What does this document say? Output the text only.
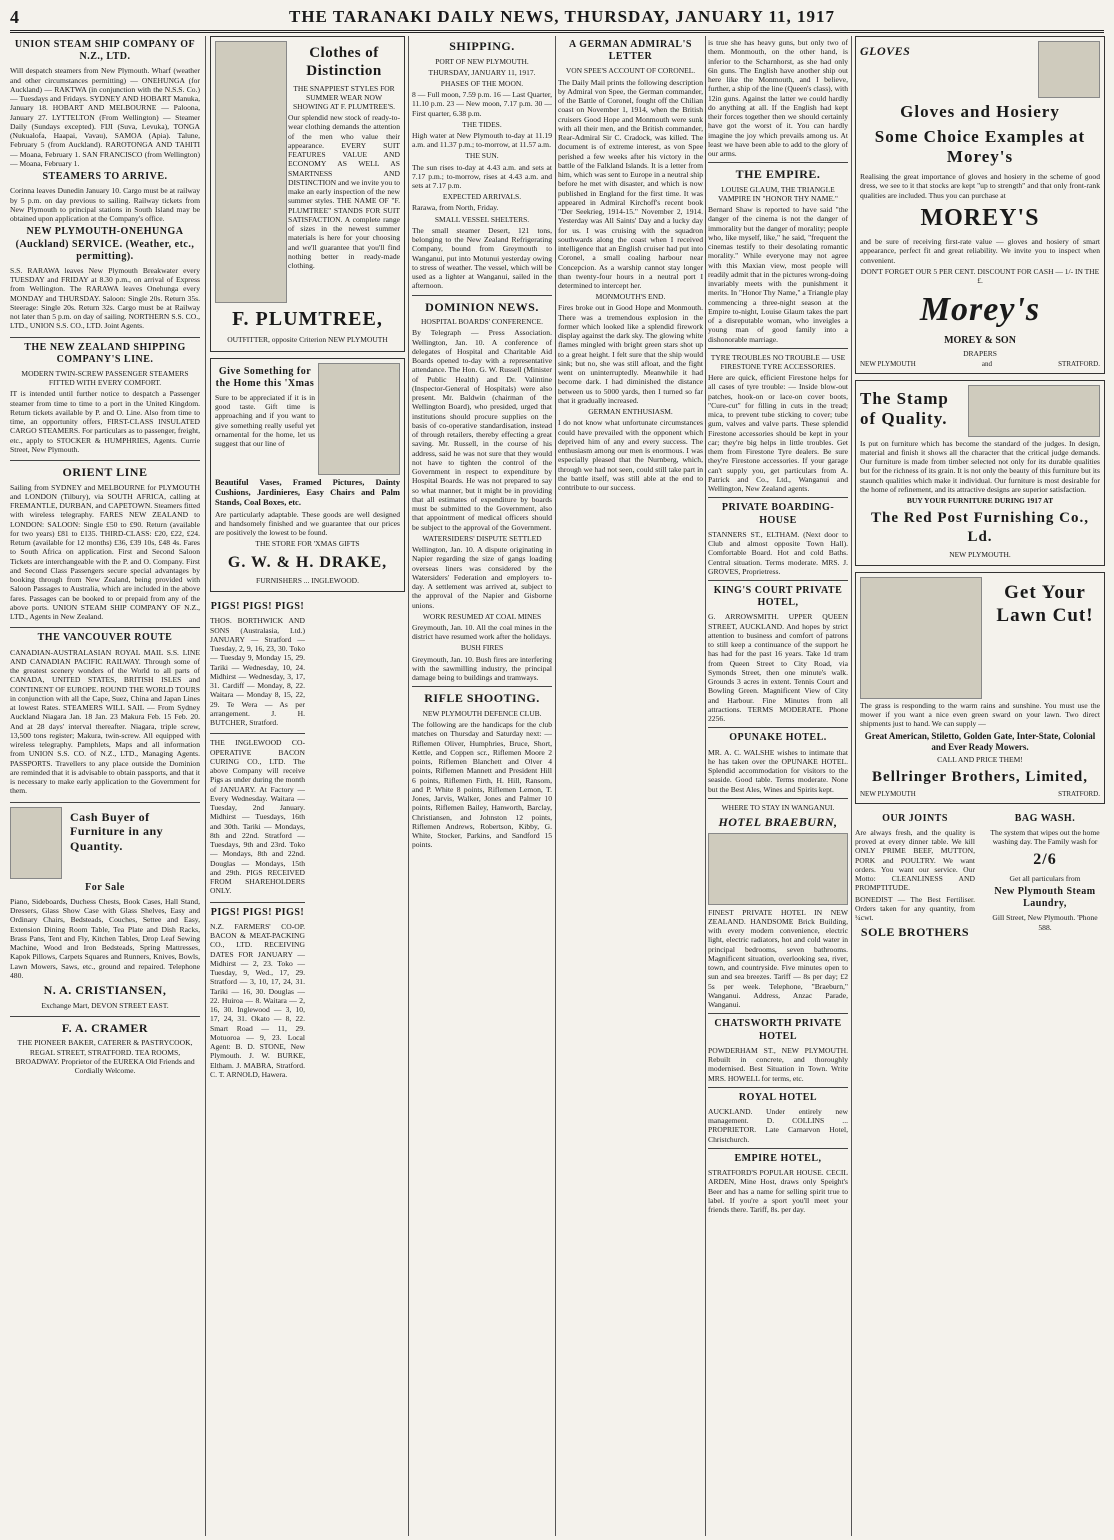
4	THE TARANAKI DAILY NEWS, THURSDAY, JANUARY 11, 1917
UNION STEAM SHIP COMPANY OF N.Z., LTD.

Will despatch steamers from New Plymouth. Wharf (weather and other circumstances permitting) — ONEHUNGA (for Auckland) — RAKTWA (in conjunction with the N.S.S. Co.) — Tuesdays and Fridays. SYDNEY AND HOBART Manuka, January 18. HOBART AND MELBOURNE — Paloona, January 27. LYTTELTON (From Wellington) — Steamer Daily (Sundays excepted). FIJI (Suva, Levuka), TONGA (Nukualofa, Haapai, Vavau), SAMOA (Apia). Talune, February 5 (from Auckland). RAROTONGA AND TAHITI — Moana, February 1. SAN FRANCISCO (from Wellington) — Moana, February 1.

STEAMERS TO ARRIVE.

Corinna leaves Dunedin January 10. Cargo must be at railway by 5 p.m. on day previous to sailing. Railway tickets from New Plymouth to principal stations in South Island may be obtained upon application at the Company's office.

NEW PLYMOUTH-ONEHUNGA (Auckland) SERVICE. (Weather, etc., permitting).

S.S. RARAWA leaves New Plymouth Breakwater every TUESDAY and FRIDAY at 8.30 p.m., on arrival of Express from Wellington. The RARAWA leaves Onehunga every MONDAY and THURSDAY. Saloon: Single 20s. Return 35s. Steerage: Single 20s. Return 32s. Cargo must be at Railway not later than 5 p.m. on day of sailing. NORTHERN S.S. CO., LTD., UNION S.S. CO., LTD. Joint Agents.

THE NEW ZEALAND SHIPPING COMPANY'S LINE.
MODERN TWIN-SCREW PASSENGER STEAMERS FITTED WITH EVERY COMFORT.

IT is intended until further notice to despatch a Passenger steamer from time to time to a port in the United Kingdom. Return tickets available by P. and O. Line. Also from time to time, an opportunity offers, FIRST-CLASS INSULATED CARGO STEAMERS. For particulars as to passenger, freight, etc., apply to STOCKER & HUMPHRIES, Agents. Currie Street, New Plymouth.

ORIENT LINE

Sailing from SYDNEY and MELBOURNE for PLYMOUTH and LONDON (Tilbury), via SOUTH AFRICA, calling at FREMANTLE, DURBAN, and CAPETOWN. Steamers fitted with wireless telegraphy. FARES NEW ZEALAND to LONDON: SALOON: Single £50 to £90. Return (available for two years) £81 to £135. THIRD-CLASS: £20, £22, £24. Return (available for 12 months) £36, £39 10s, £48 4s. Fares to South Africa on application. First and Second Saloon Tickets are interchangeable with the P. and O. Company. First and Second Class Passengers secure special advantages by booking through from New Zealand, being provided with Saloon Passages to Australia, which are included in the above fares. Passages can be booked to or prepaid from any of the above ports. UNION STEAM SHIP COMPANY OF N.Z., LTD., Agents in New Zealand.

THE VANCOUVER ROUTE

CANADIAN-AUSTRALASIAN ROYAL MAIL S.S. LINE AND CANADIAN PACIFIC RAILWAY. Through some of the greatest scenery wonders of the World to all parts of CANADA, UNITED STATES, BRITISH ISLES and CONTINENT OF EUROPE. ROUND THE WORLD TOURS in conjunction with all the Cape, Suez, China and Japan Lines at lowest Rates. STEAMERS WILL SAIL — From Sydney Auckland Niagara Jan. 18 Jan. 23 Makura Feb. 15 Feb. 20. And at 28 days' interval thereafter. Niagara, triple screw, 13,500 tons register; Makura, twin-screw. All equipped with wireless telegraphy. Pamphlets, Maps and all information from UNION S.S. CO. of N.Z., LTD., Managing Agents. PASSPORTS. Travellers to any place outside the Dominion are reminded that it is advisable to obtain passports, and that it is necessary to make early application to the Government for them.

Cash Buyer of Furniture in any Quantity.
For Sale

Piano, Sideboards, Duchess Chests, Book Cases, Hall Stand, Dressers, Glass Show Case with Glass Shelves, Easy and Ordinary Chairs, Bedsteads, Couches, Settee and Easy, Extension Dining Room Table, Tea Plate and Dish Racks, Brass Pans, Tent and Fly, Kitchen Tables, Drop Leaf Sewing Machine, Wood and Iron Bedsteads, Spring Mattresses, Kapok Pillows, Carpets Squares and Runners, Knives, Bowls, Lawn Mowers, Saws, etc., ground and repaired. Telephone 480.

N. A. CRISTIANSEN,
Exchange Mart, DEVON STREET EAST.
F. A. CRAMER

THE PIONEER BAKER, CATERER & PASTRYCOOK, REGAL STREET, STRATFORD. TEA ROOMS, BROADWAY. Proprietor of the EUREKA Old Friends and Cordially Welcome.

Clothes of Distinction
THE SNAPPIEST STYLES FOR SUMMER WEAR NOW SHOWING AT F. PLUMTREE'S.

Our splendid new stock of ready-to-wear clothing demands the attention of the men who value their appearance. EVERY SUIT FEATURES VALUE AND ECONOMY AS WELL AS SMARTNESS AND DISTINCTION and we invite you to make an early inspection of the new summer styles. THE NAME OF "F. PLUMTREE" STANDS FOR SUIT SATISFACTION. A complete range of sizes in the newest summer materials is here for your choosing and we'll guarantee that you'll find nothing better in ready-made clothing.

F. PLUMTREE,
OUTFITTER, opposite Criterion NEW PLYMOUTH
Give Something for the Home this 'Xmas

Sure to be appreciated if it is in good taste. Gift time is approaching and if you want to give something really useful yet ornamental for the home, let us suggest that our line of

Beautiful Vases, Framed Pictures, Dainty Cushions, Jardinieres, Easy Chairs and Palm Stands, Coal Boxes, etc.

Are particularly adaptable. These goods are well designed and handsomely finished and we guarantee that our prices are positively the lowest to be found.

THE STORE FOR 'XMAS GIFTS
G. W. & H. DRAKE,
FURNISHERS ... INGLEWOOD.
PIGS! PIGS! PIGS!

THOS. BORTHWICK AND SONS (Australasia, Ltd.) JANUARY — Stratford — Tuesday, 2, 9, 16, 23, 30. Toko — Tuesday 9, Monday 15, 29. Tariki — Wednesday, 10, 24. Midhirst — Wednesday, 3, 17, 31. Cardiff — Monday, 8, 22. Waitara — Monday 8, 15, 22, 29. Te Wera — As per arrangement. J. H. BUTCHER, Stratford.

THE INGLEWOOD CO-OPERATIVE BACON CURING CO., LTD. The above Company will receive Pigs as under during the month of JANUARY. At Factory — Every Wednesday. Waitara — Tuesday, 2nd January. Midhirst — Tuesdays, 16th and 30th. Tariki — Mondays, 8th and 22nd. Stratford — Tuesdays, 9th and 23rd. Toko — Mondays, 8th and 22nd. Douglas — Mondays, 15th and 29th. PIGS RECEIVED FROM SHAREHOLDERS ONLY.

PIGS! PIGS! PIGS!

N.Z. FARMERS' CO-OP. BACON & MEAT-PACKING CO., LTD. RECEIVING DATES FOR JANUARY — Midhirst — 2, 23. Toko — Tuesday, 9, Wed., 17, 29. Stratford — 3, 10, 17, 24, 31. Tariki — 16, 30. Douglas — 22. Huiroa — 8. Waitara — 2, 16, 30. Inglewood — 3, 10, 17, 24, 31. Okato — 8, 22. Smart Road — 11, 29. Motuoroa — 9, 23. Local Agent: B. D. STONE, New Plymouth. J. W. BURKE, Eltham. J. MABRA, Stratford. C. T. ARNOLD, Hawera.

SHIPPING.
PORT OF NEW PLYMOUTH.
THURSDAY, JANUARY 11, 1917.
PHASES OF THE MOON.

8 — Full moon, 7.59 p.m. 16 — Last Quarter, 11.10 p.m. 23 — New moon, 7.17 p.m. 30 — First quarter, 6.38 p.m.

THE TIDES.

High water at New Plymouth to-day at 11.19 a.m. and 11.37 p.m.; to-morrow, at 11.57 a.m.

THE SUN.

The sun rises to-day at 4.43 a.m. and sets at 7.17 p.m.; to-morrow, rises at 4.43 a.m. and sets at 7.17 p.m.

EXPECTED ARRIVALS.

Rarawa, from North, Friday.

SMALL VESSEL SHELTERS.

The small steamer Desert, 121 tons, belonging to the New Zealand Refrigerating Company, bound from Greymouth to Wanganui, put into Motunui yesterday owing to stress of weather. The vessel, which will be used as a lighter at Wanganui, sailed in the afternoon.

DOMINION NEWS.
HOSPITAL BOARDS' CONFERENCE.

By Telegraph — Press Association. Wellington, Jan. 10. A conference of delegates of Hospital and Charitable Aid Boards opened to-day with a representative attendance. The Hon. G. W. Russell (Minister of Public Health) and Dr. Valintine (Inspector-General of Hospitals) were also present. Mr. Baldwin (chairman of the Wellington Board), who presided, urged that institutions should procure supplies on the basis of co-operative standardisation, instead of through retailers, thereby effecting a great saving. Mr. Russell, in the course of his address, said he was not sure that they would not have to tighten the control of the Government in respect to expenditure by Hospital Boards. He was not prepared to say so what manner, but it might be in providing that all estimates of expenditure by boards must be submitted to the Government, also that appointment of medical officers should be subject to the approval of the Government.

WATERSIDERS' DISPUTE SETTLED

Wellington, Jan. 10. A dispute originating in Napier regarding the size of gangs loading overseas liners was considered by the Watersiders' Federation and employers to-day. A settlement was arrived at, subject to the approval of the Napier and Gisborne unions.

WORK RESUMED AT COAL MINES

Greymouth, Jan. 10. All the coal mines in the district have resumed work after the holidays.

BUSH FIRES

Greymouth, Jan. 10. Bush fires are interfering with the sawmilling industry, the principal damage being to buildings and tramways.

RIFLE SHOOTING.
NEW PLYMOUTH DEFENCE CLUB.

The following are the handicaps for the club matches on Thursday and Saturday next: — Riflemen Oliver, Humphries, Bruce, Short, Kettle, and Coppen scr., Riflemen Moore 2 points, Riflemen Blanchett and Olver 4 points, Riflemen Mannett and President Hill 6 points, Riflemen Firth, H. Hill, Ransom, and P. White 8 points, Riflemen Lemon, T. Jones, Jarvis, Walker, Jones and Palmer 10 points, Riflemen Bailey, Hanworth, Barclay, Christiansen, and Johnston 12 points, Riflemen Andrews, Robertson, Kibby, G. White, Stocker, Parkins, and Sandford 15 points.

A GERMAN ADMIRAL'S LETTER
VON SPEE'S ACCOUNT OF CORONEL.

The Daily Mail prints the following description by Admiral von Spee, the German commander, of the Battle of Coronel, fought off the Chilian coast on November 1, 1914, when the British cruisers Good Hope and Monmouth were sunk with all their men, and the British commander, Rear-Admiral Sir C. Cradock, was killed. The document is of extreme interest, as von Spee perished a few weeks after his victory in the battle of the Falkland Islands. It is a letter from him, which was sent to Europe in a neutral ship before he met with disaster, and which is now published in England for the first time. It was appeared in Admiral Kirchoff's recent book "Der Seekrieg, 1914-15." November 2, 1914. Yesterday was All Saints' Day and a lucky day for us. I was cruising with the squadron southwards along the coast when I received intelligence that an English cruiser had put into Coronel, a small coaling harbour near Concepcion. As a warship cannot stay longer than twenty-four hours in a neutral port I determined to intercept her.

MONMOUTH'S END.

Fires broke out in Good Hope and Monmouth. There was a tremendous explosion in the former which looked like a splendid firework display against the dark sky. The glowing white flames mingled with bright green stars shot up to a great height. I felt sure that the ship would sink; but no, she was still afloat, and the fight went on uninterruptedly. Meanwhile it had become dark. I had diminished the distance between us to 5000 yards, then I turned so far that it gradually increased.

GERMAN ENTHUSIASM.

I do not know what unfortunate circumstances could have prevailed with the opponent which deprived him of any and every success. The enthusiasm among our men is enormous. I was especially pleased that the Nurnberg, which, through we had not seen, could still take part in the battle itself, was still able at the end to contribute to our success.

is true she has heavy guns, but only two of them. Monmouth, on the other hand, is inferior to the Scharnhorst, as she had only 6in guns. The English have another ship out here like the Monmouth, and I believe, further, a ship of the line (Queen's class), with 12in guns. Against the latter we could hardly do anything at all. If the English had kept their forces together then we should certainly have got the worst of it. You can hardly imagine the joy which prevails among us. At least we have been able to add to the glory of our arms.

THE EMPIRE.
LOUISE GLAUM, THE TRIANGLE VAMPIRE IN "HONOR THY NAME."

Bernard Shaw is reported to have said "the danger of the cinema is not the danger of immorality but the danger of morality; people who, like myself, like," he said, "frequent the cinemas testify to their desolating romantic morality." While everyone may not agree with this Maxian view, most people will readily admit that in the pictures wrong-doing invariably meets with the punishment it merits. In "Honor Thy Name," a Triangle play commencing a three-night season at the Empire to-night, Louise Glaum takes the part of a disreputable woman, who inveigles a young man of good family into a dishonorable marriage.

TYRE TROUBLES NO TROUBLE — USE FIRESTONE TYRE ACCESSORIES.

Here are quick, efficient Firestone helps for all cases of tyre trouble: — Inside blow-out patches, hook-on or lace-on cover boots, "Cure-cut" for filling in cuts in the tread; mica, to prevent tube sticking to cover; tube gum, valves and valve parts. These splendid Firestone accessories should be kept in your car; they're big helps in little troubles. Get them from Firestone Tyre dealers. Be sure they're Firestone accessories. If your garage can't supply you, get particulars from A. Patrick and Co., Ltd., Wanganui and Wellington, New Zealand agents.

PRIVATE BOARDING-HOUSE

STANNERS ST., ELTHAM. (Next door to Club and almost opposite Town Hall). Comfortable Board. Hot and cold Baths. Central situation. Terms moderate. MRS. J. GROVES, Proprietress.

KING'S COURT PRIVATE HOTEL,

G. ARROWSMITH. UPPER QUEEN STREET, AUCKLAND. And hopes by strict attention to business and comfort of patrons to still keep a continuance of the support he has had for the past 16 years. Take 1d tram from Queen Street to City Road, via Symonds Street, then one minute's walk. Grounds 3 acres in extent. Tennis Court and Bowling Green. Magnificent View of City and Harbour. Fine Minutes from all attractions. TERMS MODERATE. Phone 2256.

OPUNAKE HOTEL.

MR. A. C. WALSHE wishes to intimate that he has taken over the OPUNAKE HOTEL. Splendid accommodation for visitors to the seaside. Good table. Terms moderate. None but the Best Ales, Wines and Spirits kept.

WHERE TO STAY IN WANGANUI.
HOTEL BRAEBURN,

FINEST PRIVATE HOTEL IN NEW ZEALAND. HANDSOME Brick Building, with every modern convenience, electric light, electric radiators, hot and cold water in principal bedrooms, seven bathrooms. Magnificent situation, overlooking sea, river, town, and countryside. Five minutes open to sun and sea breezes. Tariff — 8s per day; £2 5s per week. Telephone, "Braeburn," Wanganui. Address, Anzac Parade, Wanganui.

CHATSWORTH PRIVATE HOTEL

POWDERHAM ST., NEW PLYMOUTH. Rebuilt in concrete, and thoroughly modernised. Best Situation in Town. Write MRS. HOWELL for terms, etc.

ROYAL HOTEL

AUCKLAND. Under entirely new management. D. COLLINS ... PROPRIETOR. Late Carnarvon Hotel, Christchurch.

EMPIRE HOTEL,

STRATFORD'S POPULAR HOUSE. CECIL ARDEN, Mine Host, draws only Speight's Beer and has a name for selling spirit true to label. If you're a sport you'll meet your friends there. Tariff, 8s. per day.

GLOVES
Gloves and Hosiery
Some Choice Examples at Morey's

Realising the great importance of gloves and hosiery in the scheme of good dress, we see to it that stocks are kept "up to strength" and that only front-rank qualities are included. Thus you can purchase at

MOREY'S

and be sure of receiving first-rate value — gloves and hosiery of smart appearance, perfect fit and great reliability. We invite you to inspect when convenient.

DON'T FORGET OUR 5 PER CENT. DISCOUNT FOR CASH — 1/- IN THE £.
Morey's
MOREY & SON
DRAPERS
NEW PLYMOUTH	and	STRATFORD.
The Stamp of Quality.

Is put on furniture which has become the standard of the judges. In design, material and finish it shows all the character that the critical judge demands. Our furniture is made from timber selected not only for its durable qualities but for the richness of its grain. It is not only the beauty of this furniture but its staunch qualities which make it individual. Our furniture is most desirable for the home of refinement, and its attractive designs are superior satisfaction.

BUY YOUR FURNITURE DURING 1917 AT
The Red Post Furnishing Co., Ld.
NEW PLYMOUTH.
Get Your Lawn Cut!

The grass is responding to the warm rains and sunshine. You must use the mower if you want a nice even green sward on your lawn. Two direct shipments just to hand. We can supply —

Great American, Stiletto, Golden Gate, Inter-State, Colonial and Ever Ready Mowers.

CALL AND PRICE THEM!
Bellringer Brothers, Limited,
NEW PLYMOUTH	STRATFORD.
OUR JOINTS

Are always fresh, and the quality is proved at every dinner table. We kill ONLY PRIME BEEF, MUTTON, PORK and POULTRY. We want orders. You want our service. Our Motto: CLEANLINESS AND PROMPTITUDE.

BONEDIST — The Best Fertiliser. Orders taken for any quantity, from ¼cwt.

SOLE BROTHERS
BAG WASH.

The system that wipes out the home washing day. The Family wash for

2/6

Get all particulars from

New Plymouth Steam Laundry,

Gill Street, New Plymouth. 'Phone 588.
